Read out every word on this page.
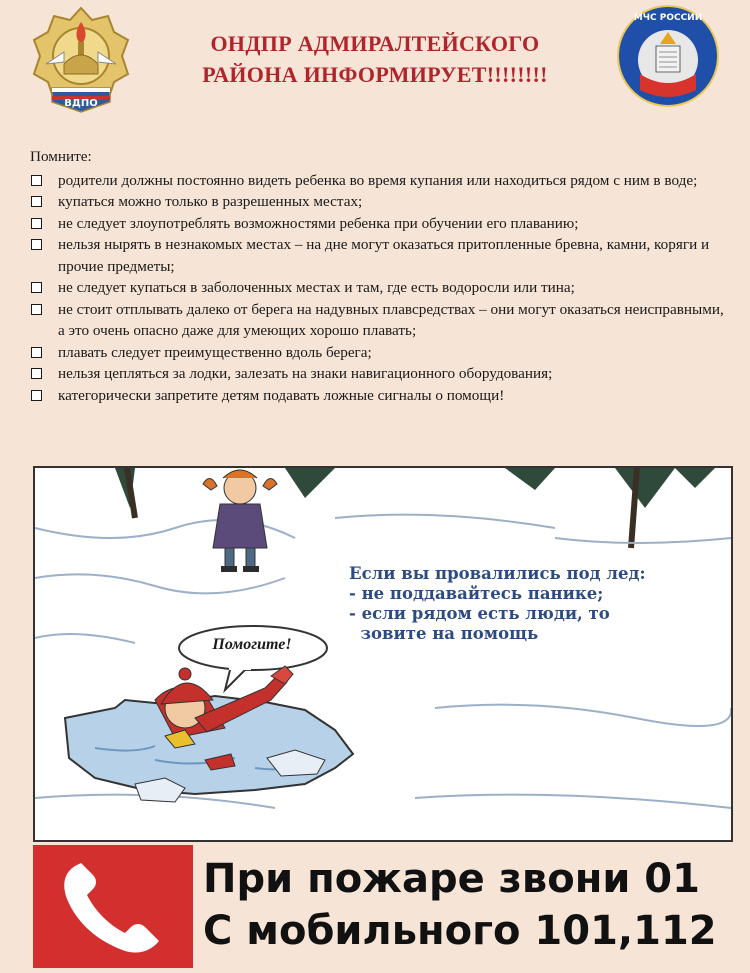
ВДПО
ОНДПР АДМИРАЛТЕЙСКОГО
РАЙОНА ИНФОРМИРУЕТ!!!!!!!!
МЧС РОССИИ
Помните:
родители должны постоянно видеть ребенка во время купания или находиться рядом с ним в воде;
купаться можно только в разрешенных местах;
не следует злоупотреблять возможностями ребенка при обучении его плаванию;
нельзя нырять в незнакомых местах – на дне могут оказаться притопленные бревна, камни, коряги и прочие предметы;
не следует купаться в заболоченных местах и там, где есть водоросли или тина;
не стоит отплывать далеко от берега на надувных плавсредствах – они могут оказаться неисправными, а это очень опасно даже для умеющих хорошо плавать;
плавать следует преимущественно вдоль берега;
нельзя цепляться за лодки, залезать на знаки навигационного оборудования;
категорически запретите детям подавать ложные сигналы о помощи!
Если вы провалились под лед:
- не поддавайтесь панике;
- если рядом есть люди, то
зовите на помощь
Помогите!
При пожаре звони 01
С мобильного 101,112
